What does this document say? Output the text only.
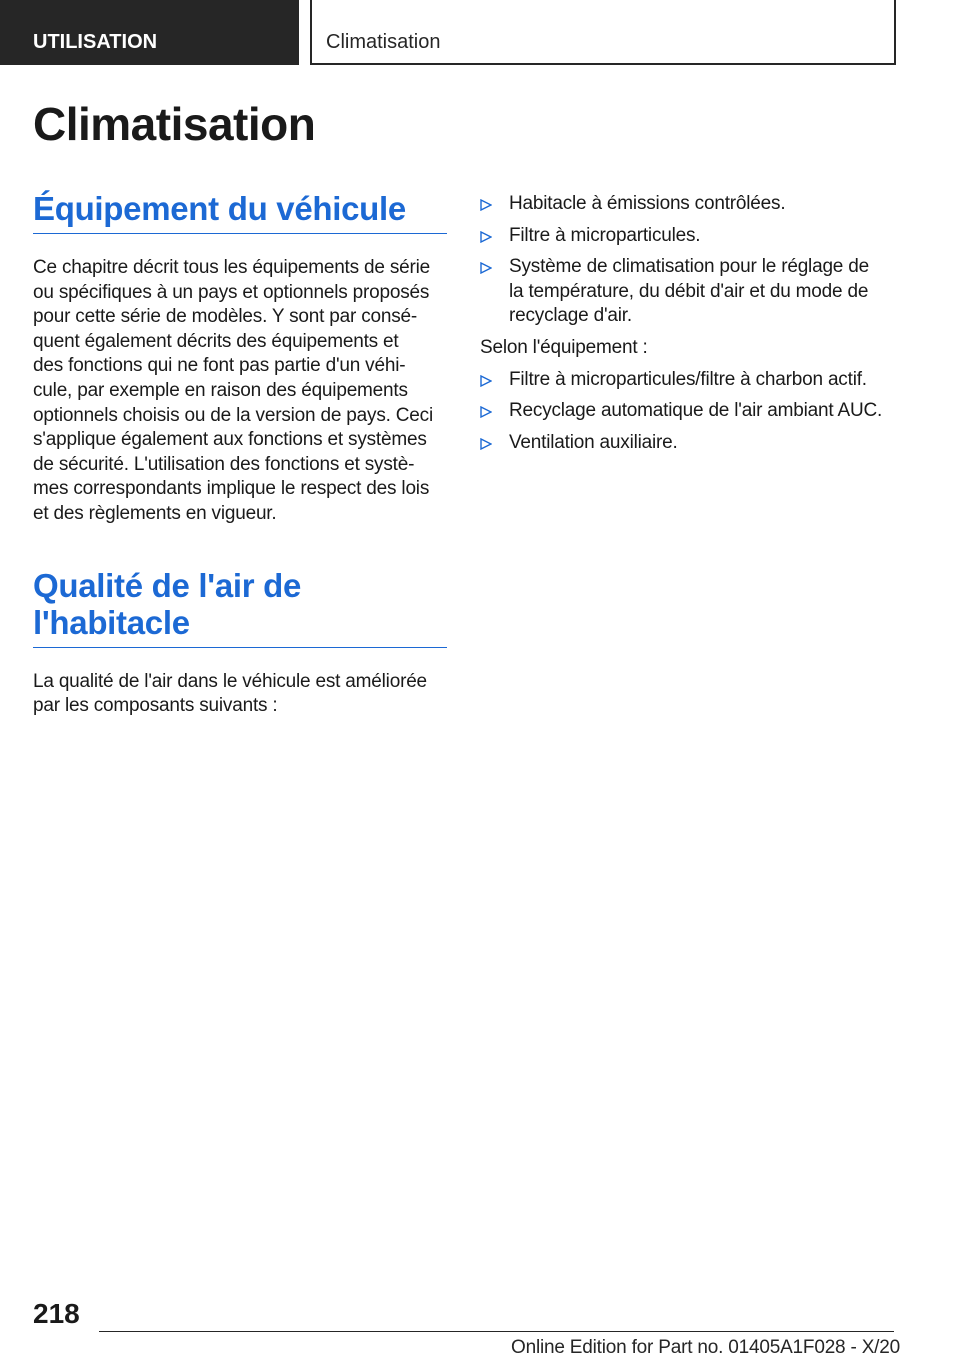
UTILISATION	Climatisation
Climatisation
Équipement du véhicule

Ce chapitre décrit tous les équipements de série
ou spécifiques à un pays et optionnels proposés
pour cette série de modèles. Y sont par consé-
quent également décrits des équipements et
des fonctions qui ne font pas partie d'un véhi-
cule, par exemple en raison des équipements
optionnels choisis ou de la version de pays. Ceci
s'applique également aux fonctions et systèmes
de sécurité. L'utilisation des fonctions et systè-
mes correspondants implique le respect des lois
et des règlements en vigueur.

Qualité de l'air de
l'habitacle

La qualité de l'air dans le véhicule est améliorée
par les composants suivants :

Habitacle à émissions contrôlées.
Filtre à microparticules.
Système de climatisation pour le réglage de
la température, du débit d'air et du mode de
recyclage d'air.

Selon l'équipement :

Filtre à microparticules/filtre à charbon actif.
Recyclage automatique de l'air ambiant AUC.
Ventilation auxiliaire.
218
Online Edition for Part no. 01405A1F028 - X/20
